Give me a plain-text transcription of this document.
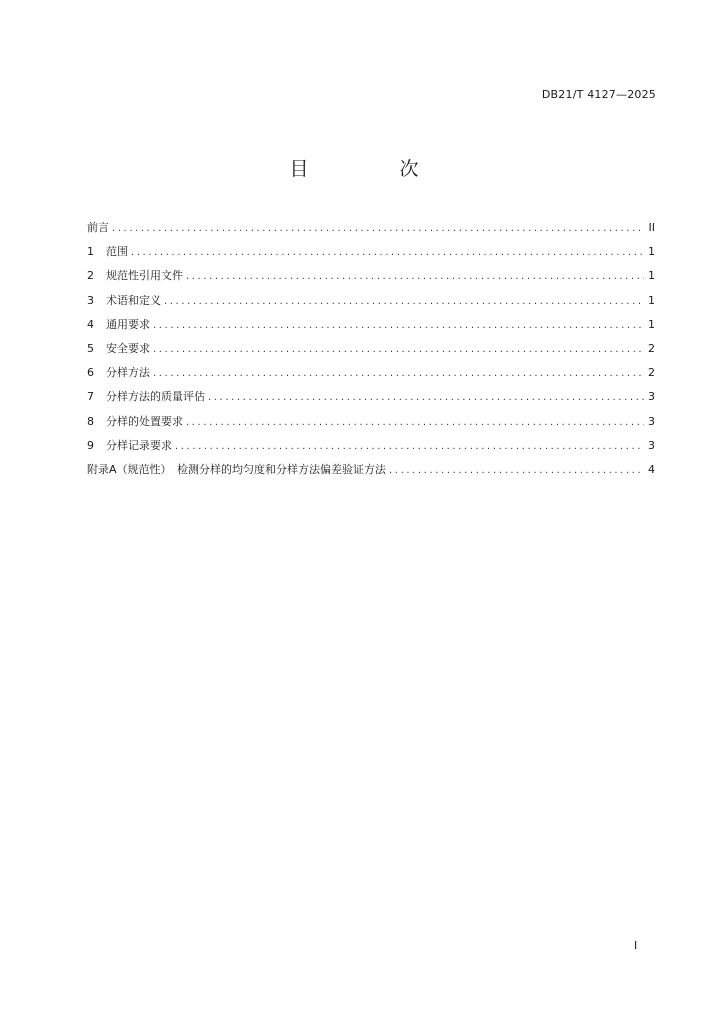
DB21/T 4127—2025
目　次
前言 .....	II
1	范围 .....	1
2	规范性引用文件 .....	1
3	术语和定义 .....	1
4	通用要求 .....	1
5	安全要求 .....	2
6	分样方法 .....	2
7	分样方法的质量评估 .....	3
8	分样的处置要求 .....	3
9	分样记录要求 .....	3
附录A（规范性）　检测分样的均匀度和分样方法偏差验证方法 .....	4
I
